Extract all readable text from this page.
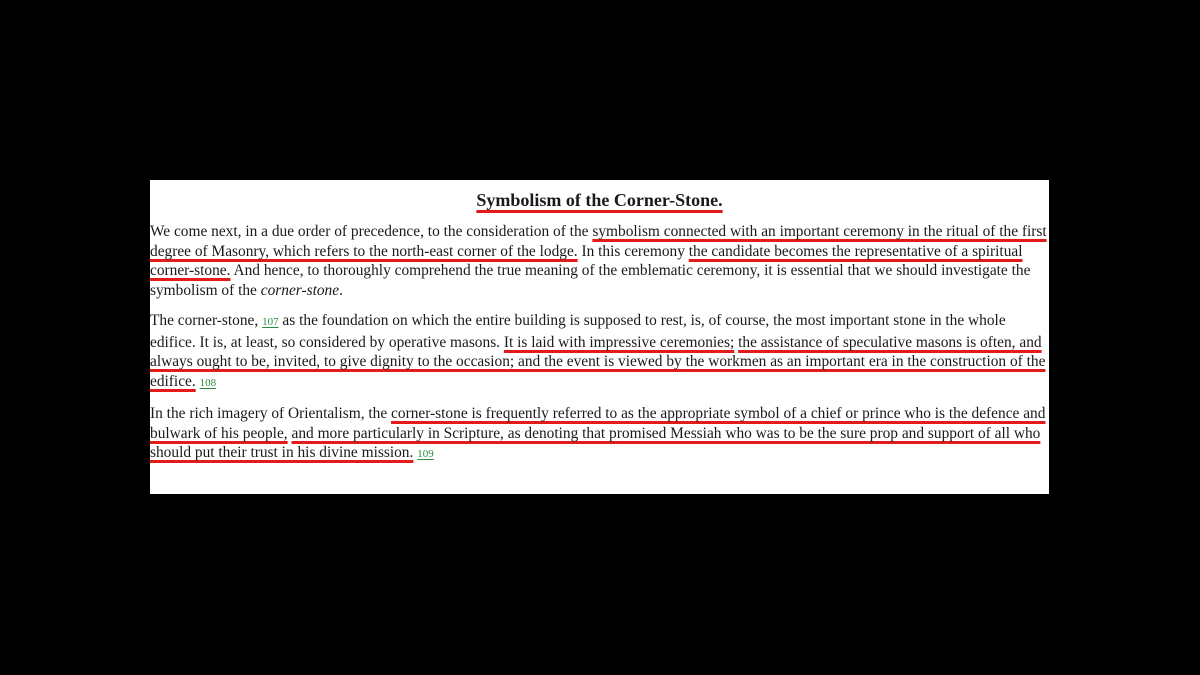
Symbolism of the Corner-Stone.

We come next, in a due order of precedence, to the consideration of the symbolism connected with an important ceremony in the ritual of the first degree of Masonry, which refers to the north-east corner of the lodge. In this ceremony the candidate becomes the representative of a spiritual corner-stone. And hence, to thoroughly comprehend the true meaning of the emblematic ceremony, it is essential that we should investigate the symbolism of the corner-stone.

The corner-stone, 107 as the foundation on which the entire building is supposed to rest, is, of course, the most important stone in the whole edifice. It is, at least, so considered by operative masons. It is laid with impressive ceremonies; the assistance of speculative masons is often, and always ought to be, invited, to give dignity to the occasion; and the event is viewed by the workmen as an important era in the construction of the edifice. 108

In the rich imagery of Orientalism, the corner-stone is frequently referred to as the appropriate symbol of a chief or prince who is the defence and bulwark of his people, and more particularly in Scripture, as denoting that promised Messiah who was to be the sure prop and support of all who should put their trust in his divine mission. 109
